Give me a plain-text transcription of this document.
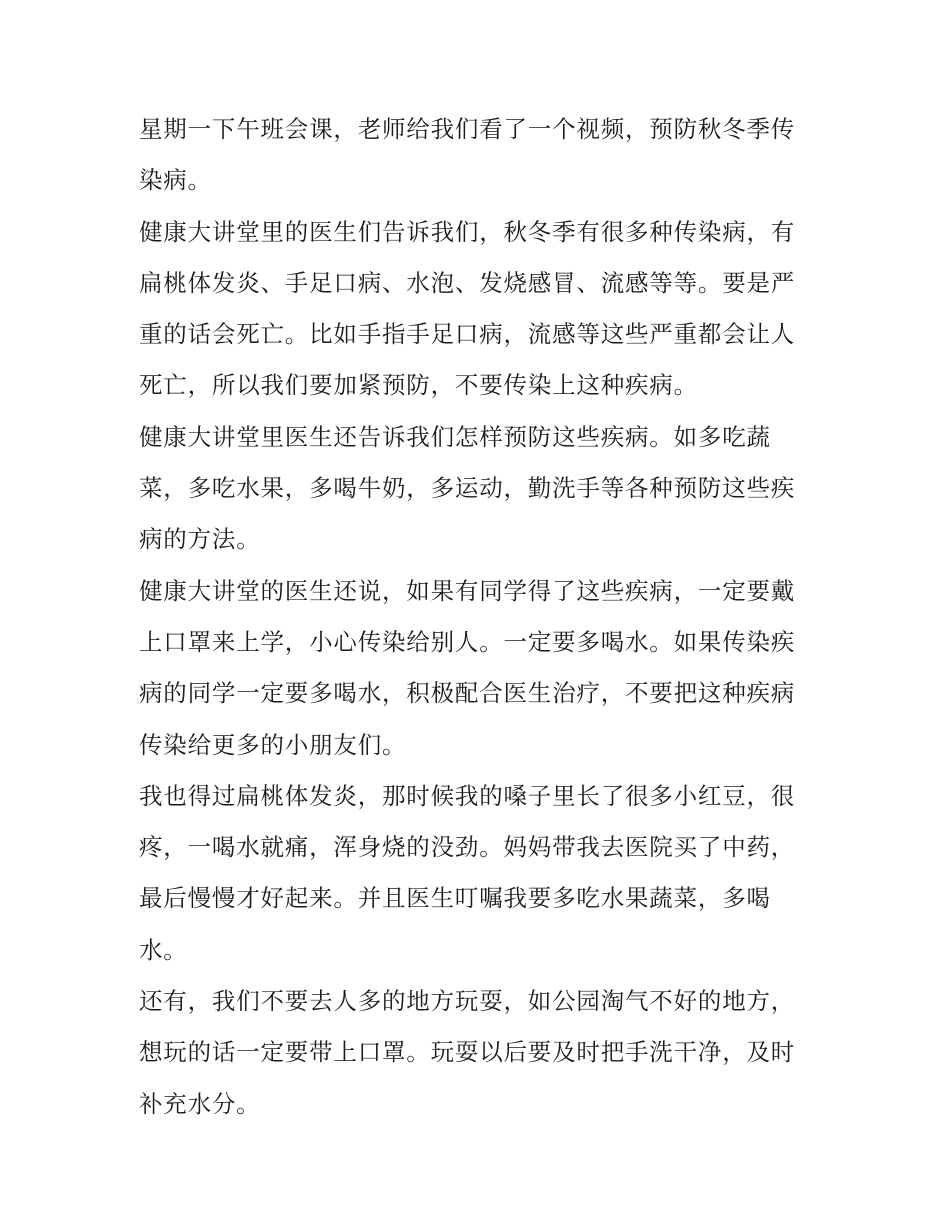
星期一下午班会课，老师给我们看了一个视频，预防秋冬季传染病。

健康大讲堂里的医生们告诉我们，秋冬季有很多种传染病，有扁桃体发炎、手足口病、水泡、发烧感冒、流感等等。要是严重的话会死亡。比如手指手足口病，流感等这些严重都会让人死亡，所以我们要加紧预防，不要传染上这种疾病。

健康大讲堂里医生还告诉我们怎样预防这些疾病。如多吃蔬菜，多吃水果，多喝牛奶，多运动，勤洗手等各种预防这些疾病的方法。

健康大讲堂的医生还说，如果有同学得了这些疾病，一定要戴上口罩来上学，小心传染给别人。一定要多喝水。如果传染疾病的同学一定要多喝水，积极配合医生治疗，不要把这种疾病传染给更多的小朋友们。

我也得过扁桃体发炎，那时候我的嗓子里长了很多小红豆，很疼，一喝水就痛，浑身烧的没劲。妈妈带我去医院买了中药，最后慢慢才好起来。并且医生叮嘱我要多吃水果蔬菜，多喝水。

还有，我们不要去人多的地方玩耍，如公园淘气不好的地方，想玩的话一定要带上口罩。玩耍以后要及时把手洗干净，及时补充水分。
